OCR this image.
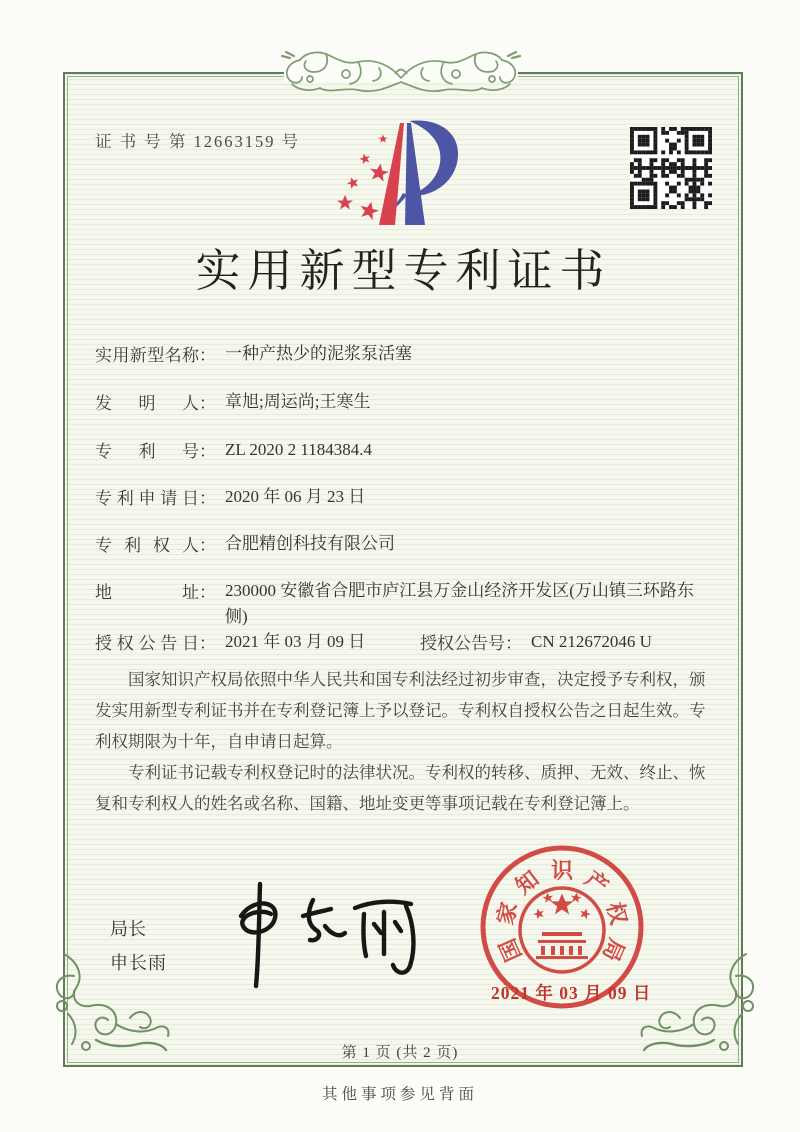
证 书 号 第 12663159 号
实用新型专利证书
实用新型名称 ： 一种产热少的泥浆泵活塞
发明人 ： 章旭;周运尚;王寒生
专利号 ： ZL 2020 2 1184384.4
专利申请日 ： 2020 年 06 月 23 日
专利权人 ： 合肥精创科技有限公司
地址 ： 230000 安徽省合肥市庐江县万金山经济开发区(万山镇三环路东侧)
授权公告日 ： 2021 年 03 月 09 日	授权公告号 ： CN 212672046 U

国家知识产权局依照中华人民共和国专利法经过初步审查，决定授予专利权，颁发实用新型专利证书并在专利登记簿上予以登记。专利权自授权公告之日起生效。专利权期限为十年，自申请日起算。

专利证书记载专利权登记时的法律状况。专利权的转移、质押、无效、终止、恢复和专利权人的姓名或名称、国籍、地址变更等事项记载在专利登记簿上。

局长
申长雨	国
家
知 识 产
权
局
2021 年 03 月 09 日
第 1 页 (共 2 页)
其他事项参见背面
